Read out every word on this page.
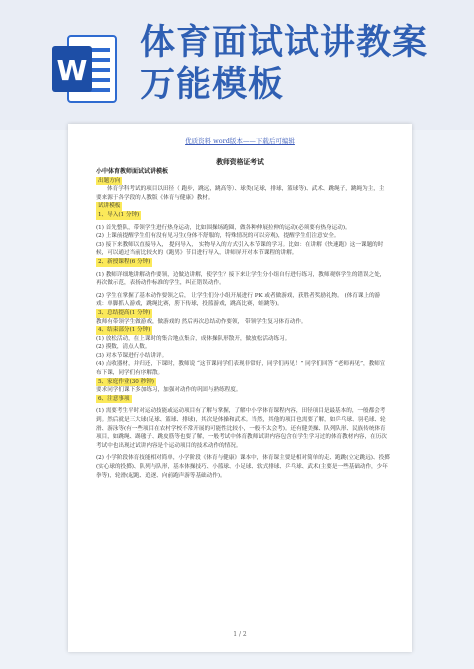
W
体育面试试讲教案
万能模板
优质资料 word版本——下载后可编辑
教师资格证考试

小中体育教师面试试讲模板

出题方向

体育学科考试的项目以田径（ 跑步，跳远，跳高等）、球类(足球，排球，篮球等)、武术、跳绳子，跳绳为主，主要来源于各学段的人教版《体育与健康》教材。

试讲模板

1、导入(1 分钟)

(1) 首先整队，带领学生进行热身运动，比如围操场跑圈，做各种伸展拉伸的运动(必须要有热身运动)。

(2) 上课前提醒学生们有没有见习生(身体不舒服的，特殊情况的可以旁观)，提醒学生们注意安全。

(3) 接下来教师以直接导入， 提问导入， 实物导入的方式引入本节课的学习。比如：在讲解《快速跑》这一课题的时候，可以通过当前比较火的《跑男》节目进行导入，讲师屏开对本节课程的讲解。

2、新授课程(6 分钟)

(1) 教师详细地讲解动作要领，边做边讲解，使学生？接下来让学生分小组自行进行练习，教师观察学生的错误之处，再次做示范，表扬动作标准的学生，纠正错误动作。

(2) 学生在掌握了基本动作要领之后， 让学生们分小组开展进行 PK 或者做游戏，获胜者奖励礼物。 (体育课上的游戏：单脚抓人游戏，跳绳比赛，胯下传球，投篮游戏，跳高比赛，蛙跳等)。

3、总结提高(1 分钟)

教师有带领学生做游戏，做游戏的 然后再次总结动作要领， 带领学生复习体育动作。

4、结束部分(1 分钟)

(1) 放松活动，在上课时的集合地点集合，成体操队形散开，做放松活动练习。

(2) 摸数，清点人数。

(3) 对本节课进行小结讲评。

(4) 点收器材，并归还，下课时，教师说 “这节课同学们表现非常好，同学们再见！” 同学们回答 “老师再见”，教师宣布下课，同学们有序解散。

5、家庭作业(30 秒钟)

要求同学们课下多加练习，加强对动作的巩固与熟练程度。

6、注意事项

(1) 需要考生平时对运动技能或运动项目有了解与掌握，了解中小学体育课程内容，田径项目是最基本的，一般都会考到。然后就是三大球(足球、篮球、排球)，其次是体操和武术。当然，其他的项目也需要了解，如乒乓球、羽毛球、轮滑、游泳等(有一些项目在农村学校不常开展的可能性比较小，一般不太会考)。还有健美操、队列队形、民族传统体育项目，如跳绳、踢毽子、跳皮筋等也要了解，一般考试中体育教师试讲内容包含在学生学习过的体育教材内容，在历次考试中也出现过试讲内容是个运动项目的技术动作的情况。

(2) 小学阶段体育技能相对简单，小学阶段《体育与健康》课本中，体育课主要是相对简单的走、跑跳(立定跳远)、投掷(实心球的投掷)、队列与队形，基本体操技巧、小篮球、小足球、软式排球、乒乓球、武术(主要是一些基础动作，少年拳等)，轮滑(起跑、追逐、向前跑声游等基础动作)。

1 / 2
